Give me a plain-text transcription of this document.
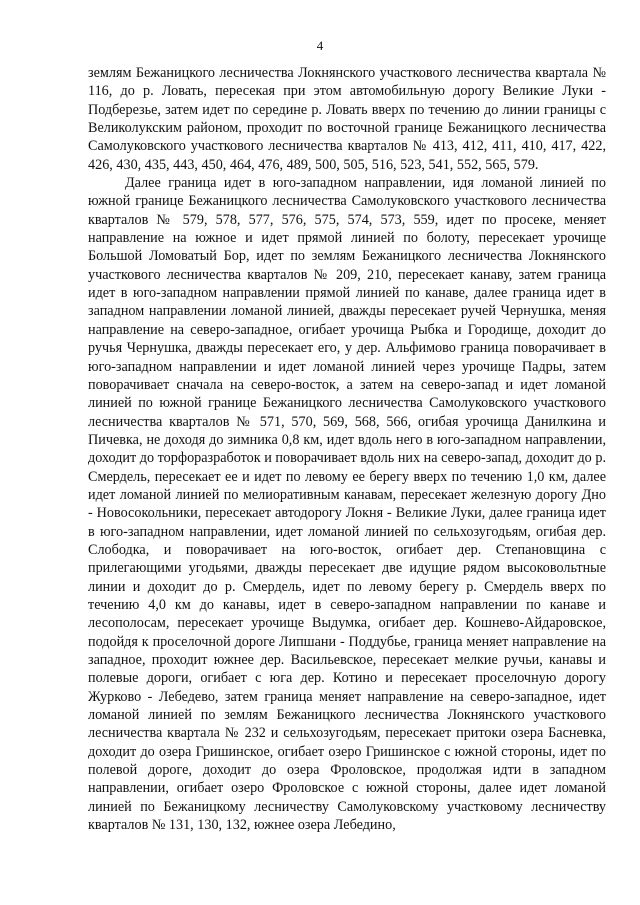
4

землям Бежаницкого лесничества Локнянского участкового лесничества квартала № 116, до р. Ловать, пересекая при этом автомобильную дорогу Великие Луки - Подберезье, затем идет по середине р. Ловать вверх по течению до линии границы с Великолукским районом, проходит по восточной границе Бежаницкого лесничества Самолуковского участкового лесничества кварталов № 413, 412, 411, 410, 417, 422, 426, 430, 435, 443, 450, 464, 476, 489, 500, 505, 516, 523, 541, 552, 565, 579.

Далее граница идет в юго-западном направлении, идя ломаной линией по южной границе Бежаницкого лесничества Самолуковского участкового лесничества кварталов № 579, 578, 577, 576, 575, 574, 573, 559, идет по просеке, меняет направление на южное и идет прямой линией по болоту, пересекает урочище Большой Ломоватый Бор, идет по землям Бежаницкого лесничества Локнянского участкового лесничества кварталов № 209, 210, пересекает канаву, затем граница идет в юго-западном направлении прямой линией по канаве, далее граница идет в западном направлении ломаной линией, дважды пересекает ручей Чернушка, меняя направление на северо-западное, огибает урочища Рыбка и Городище, доходит до ручья Чернушка, дважды пересекает его, у дер. Альфимово граница поворачивает в юго-западном направлении и идет ломаной линией через урочище Падры, затем поворачивает сначала на северо-восток, а затем на северо-запад и идет ломаной линией по южной границе Бежаницкого лесничества Самолуковского участкового лесничества кварталов № 571, 570, 569, 568, 566, огибая урочища Данилкина и Пичевка, не доходя до зимника 0,8 км, идет вдоль него в юго-западном направлении, доходит до торфоразработок и поворачивает вдоль них на северо-запад, доходит до р. Смердель, пересекает ее и идет по левому ее берегу вверх по течению 1,0 км, далее идет ломаной линией по мелиоративным канавам, пересекает железную дорогу Дно - Новосокольники, пересекает автодорогу Локня - Великие Луки, далее граница идет в юго-западном направлении, идет ломаной линией по сельхозугодьям, огибая дер. Слободка, и поворачивает на юго-восток, огибает дер. Степановщина с прилегающими угодьями, дважды пересекает две идущие рядом высоковольтные линии и доходит до р. Смердель, идет по левому берегу р. Смердель вверх по течению 4,0 км до канавы, идет в северо-западном направлении по канаве и лесополосам, пересекает урочище Выдумка, огибает дер. Кошнево-Айдаровское, подойдя к проселочной дороге Липшани - Поддубье, граница меняет направление на западное, проходит южнее дер. Васильевское, пересекает мелкие ручьи, канавы и полевые дороги, огибает с юга дер. Котино и пересекает проселочную дорогу Журково - Лебедево, затем граница меняет направление на северо-западное, идет ломаной линией по землям Бежаницкого лесничества Локнянского участкового лесничества квартала № 232 и сельхозугодьям, пересекает притоки озера Басневка, доходит до озера Гришинское, огибает озеро Гришинское с южной стороны, идет по полевой дороге, доходит до озера Фроловское, продолжая идти в западном направлении, огибает озеро Фроловское с южной стороны, далее идет ломаной линией по Бежаницкому лесничеству Самолуковскому участковому лесничеству кварталов № 131, 130, 132, южнее озера Лебедино,
